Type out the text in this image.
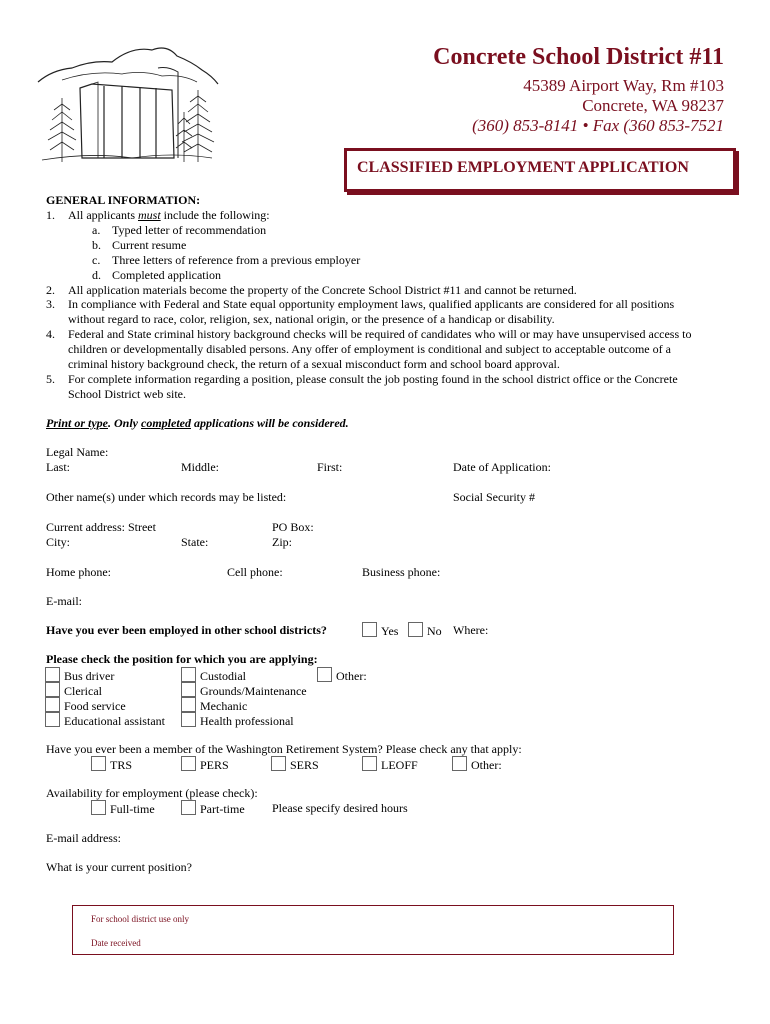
Concrete School District #11
45389 Airport Way, Rm #103
Concrete, WA 98237
(360) 853-8141 • Fax (360 853-7521
CLASSIFIED EMPLOYMENT APPLICATION
GENERAL INFORMATION:
1. All applicants must include the following:
a. Typed letter of recommendation
b. Current resume
c. Three letters of reference from a previous employer
d. Completed application
2. All application materials become the property of the Concrete School District #11 and cannot be returned.
3. In compliance with Federal and State equal opportunity employment laws, qualified applicants are considered for all positions
without regard to race, color, religion, sex, national origin, or the presence of a handicap or disability.
4. Federal and State criminal history background checks will be required of candidates who will or may have unsupervised access to
children or developmentally disabled persons. Any offer of employment is conditional and subject to acceptable outcome of a
criminal history background check, the return of a sexual misconduct form and school board approval.
5. For complete information regarding a position, please consult the job posting found in the school district office or the Concrete
School District web site.
Print or type. Only completed applications will be considered.
Legal Name:
Last:	Middle:	First:	Date of Application:
Other name(s) under which records may be listed:	Social Security #
Current address: Street	PO Box:
City:	State:	Zip:
Home phone:	Cell phone:	Business phone:
E-mail:
Have you ever been employed in other school districts?	Yes	No Where:
Please check the position for which you are applying:
Bus driver
Clerical
Food service
Educational assistant
Custodial
Grounds/Maintenance
Mechanic
Health professional
Other:
Have you ever been a member of the Washington Retirement System? Please check any that apply:
TRS	PERS	SERS	LEOFF	Other:
Availability for employment (please check):
Full-time	Part-time Please specify desired hours
E-mail address:
What is your current position?
For school district use only
Date received
